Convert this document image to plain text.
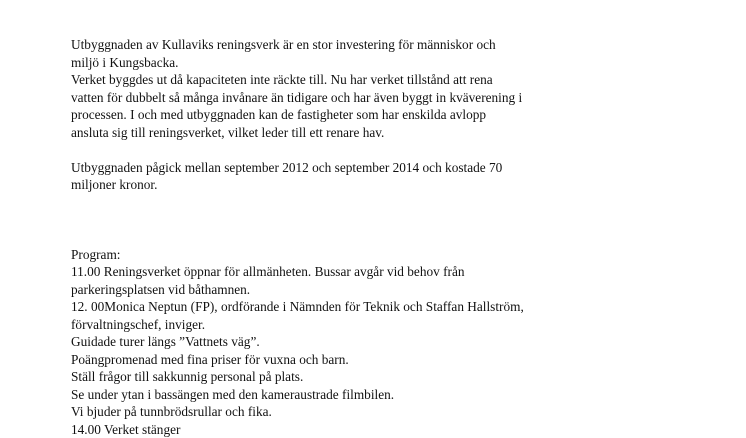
Utbyggnaden av Kullaviks reningsverk är en stor investering för människor och
miljö i Kungsbacka.
Verket byggdes ut då kapaciteten inte räckte till. Nu har verket tillstånd att rena
vatten för dubbelt så många invånare än tidigare och har även byggt in kväverening i
processen. I och med utbyggnaden kan de fastigheter som har enskilda avlopp
ansluta sig till reningsverket, vilket leder till ett renare hav.
Utbyggnaden pågick mellan september 2012 och september 2014 och kostade 70
miljoner kronor.
Program:
11.00 Reningsverket öppnar för allmänheten. Bussar avgår vid behov från
parkeringsplatsen vid båthamnen.
12. 00Monica Neptun (FP), ordförande i Nämnden för Teknik och Staffan Hallström,
förvaltningschef, inviger.
Guidade turer längs ”Vattnets väg”.
Poängpromenad med fina priser för vuxna och barn.
Ställ frågor till sakkunnig personal på plats.
Se under ytan i bassängen med den kameraustrade filmbilen.
Vi bjuder på tunnbrödsrullar och fika.
14.00 Verket stänger
